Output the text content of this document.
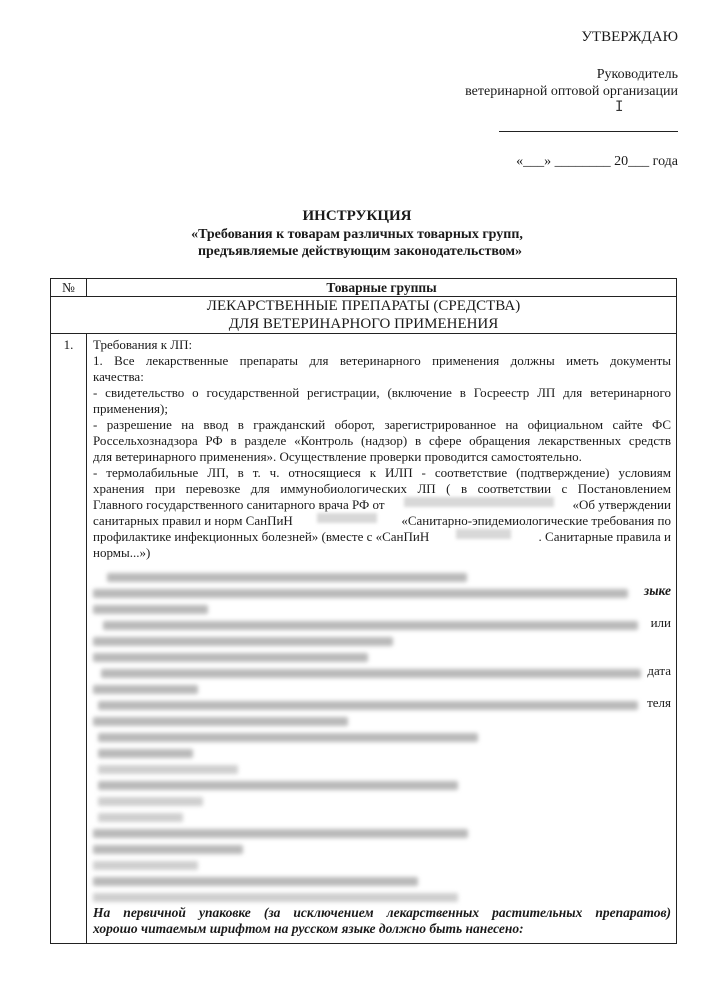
УТВЕРЖДАЮ
Руководитель
ветеринарной оптовой организации
«___» ________ 20___ года
I
ИНСТРУКЦИЯ
«Требования к товарам различных товарных групп,
предъявляемые действующим законодательством»
№	Товарные группы

ЛЕКАРСТВЕННЫЕ ПРЕПАРАТЫ (СРЕДСТВА)
ДЛЯ ВЕТЕРИНАРНОГО ПРИМЕНЕНИЯ	

1.	Требования к ЛП:
1. Все лекарственные препараты для ветеринарного применения должны иметь документы
качества:
- свидетельство о государственной регистрации, (включение в Госреестр ЛП для ветеринарного
применения);
- разрешение на ввод в гражданский оборот, зарегистрированное на официальном сайте ФС
Россельхознадзора РФ в разделе «Контроль (надзор) в сфере обращения лекарственных средств
для ветеринарного применения». Осуществление проверки проводится самостоятельно.
- термолабильные ЛП, в т. ч. относящиеся к ИЛП - соответствие (подтверждение) условиям
хранения при перевозке для иммунобиологических ЛП ( в соответствии с Постановлением
Главного государственного санитарного врача РФ от	«Об утверждении
санитарных правил и норм СанПиН	«Санитарно-эпидемиологические требования по
профилактике инфекционных болезней» (вместе с «СанПиН	. Санитарные правила и
нормы...»)
зыке
или
дата
теля
На первичной упаковке (за исключением лекарственных растительных препаратов)
хорошо читаемым шрифтом на русском языке должно быть нанесено:
